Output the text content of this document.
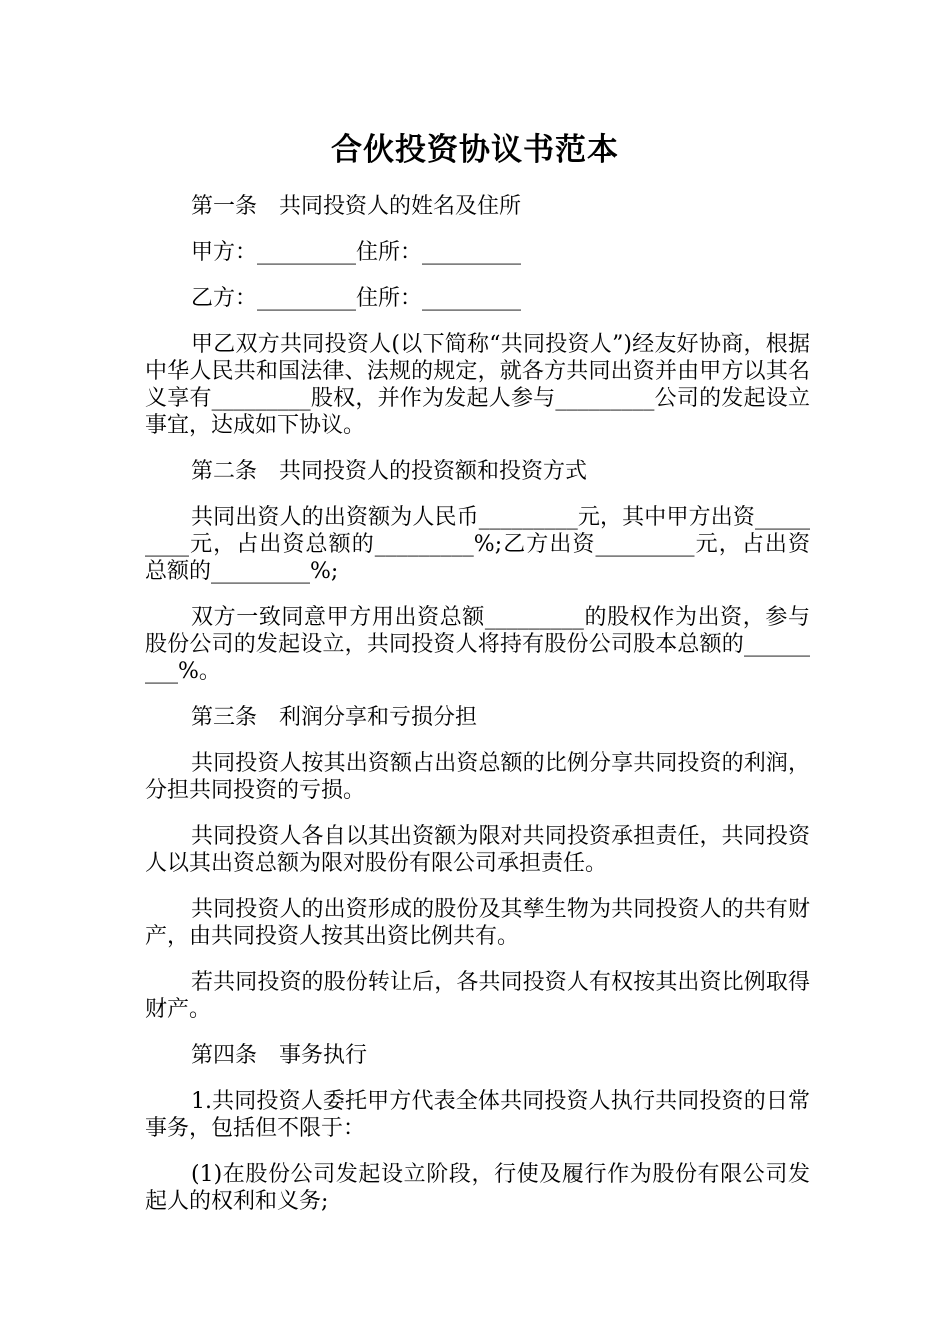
合伙投资协议书范本

第一条　共同投资人的姓名及住所

甲方：_________住所：_________

乙方：_________住所：_________

甲乙双方共同投资人(以下简称“共同投资人”)经友好协商，根据中华人民共和国法律、法规的规定，就各方共同出资并由甲方以其名义享有_________股权，并作为发起人参与_________公司的发起设立事宜，达成如下协议。

第二条　共同投资人的投资额和投资方式

共同出资人的出资额为人民币_________元，其中甲方出资_________元，占出资总额的_________%;乙方出资_________元，占出资总额的_________%;

双方一致同意甲方用出资总额_________的股权作为出资，参与股份公司的发起设立，共同投资人将持有股份公司股本总额的_________%。

第三条　利润分享和亏损分担

共同投资人按其出资额占出资总额的比例分享共同投资的利润，分担共同投资的亏损。

共同投资人各自以其出资额为限对共同投资承担责任，共同投资人以其出资总额为限对股份有限公司承担责任。

共同投资人的出资形成的股份及其孳生物为共同投资人的共有财产，由共同投资人按其出资比例共有。

若共同投资的股份转让后，各共同投资人有权按其出资比例取得财产。

第四条　事务执行

1.共同投资人委托甲方代表全体共同投资人执行共同投资的日常事务，包括但不限于：

(1)在股份公司发起设立阶段，行使及履行作为股份有限公司发起人的权利和义务;
